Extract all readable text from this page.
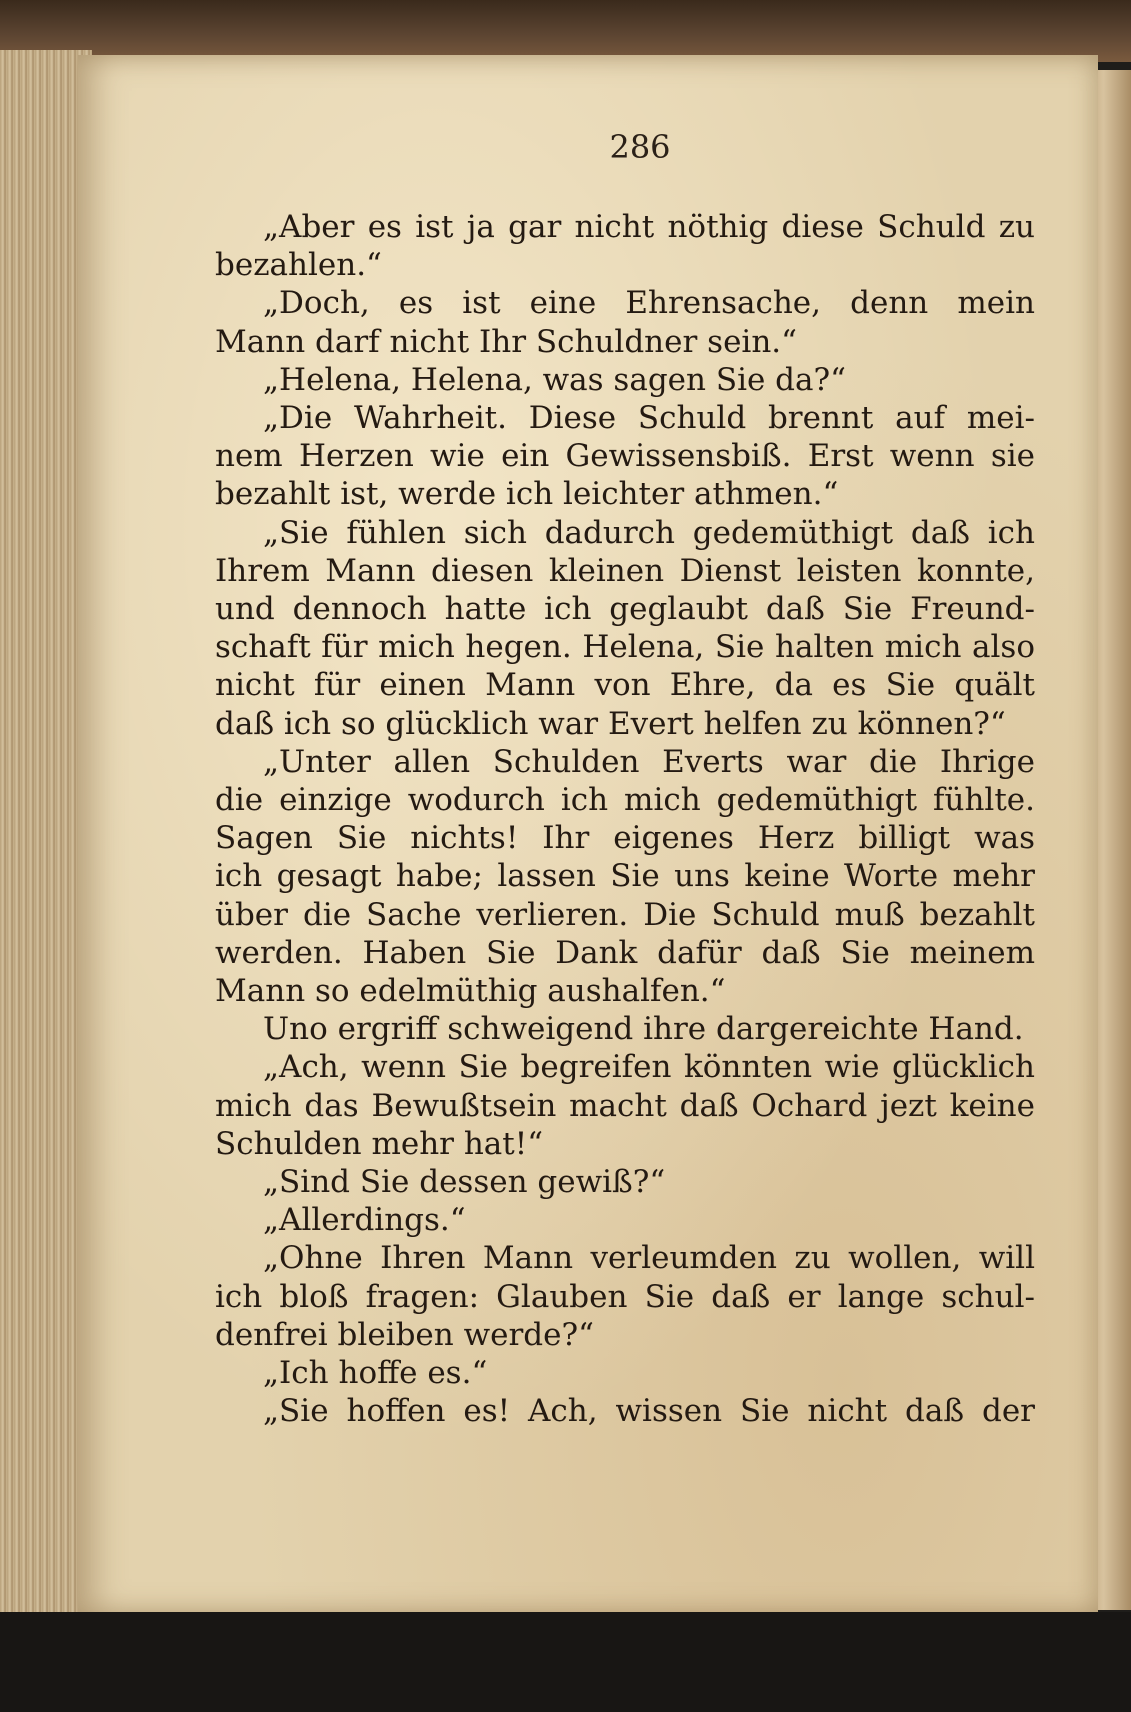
286
„Aber es ist ja gar nicht nöthig diese Schuld zu
bezahlen.“
„Doch, es ist eine Ehrensache, denn mein
Mann darf nicht Ihr Schuldner sein.“
„Helena, Helena, was sagen Sie da?“
„Die Wahrheit. Diese Schuld brennt auf mei-
nem Herzen wie ein Gewissensbiß. Erst wenn sie
bezahlt ist, werde ich leichter athmen.“
„Sie fühlen sich dadurch gedemüthigt daß ich
Ihrem Mann diesen kleinen Dienst leisten konnte,
und dennoch hatte ich geglaubt daß Sie Freund-
schaft für mich hegen. Helena, Sie halten mich also
nicht für einen Mann von Ehre, da es Sie quält
daß ich so glücklich war Evert helfen zu können?“
„Unter allen Schulden Everts war die Ihrige
die einzige wodurch ich mich gedemüthigt fühlte.
Sagen Sie nichts! Ihr eigenes Herz billigt was
ich gesagt habe; lassen Sie uns keine Worte mehr
über die Sache verlieren. Die Schuld muß bezahlt
werden. Haben Sie Dank dafür daß Sie meinem
Mann so edelmüthig aushalfen.“
Uno ergriff schweigend ihre dargereichte Hand.
„Ach, wenn Sie begreifen könnten wie glücklich
mich das Bewußtsein macht daß Ochard jezt keine
Schulden mehr hat!“
„Sind Sie dessen gewiß?“
„Allerdings.“
„Ohne Ihren Mann verleumden zu wollen, will
ich bloß fragen: Glauben Sie daß er lange schul-
denfrei bleiben werde?“
„Ich hoffe es.“
„Sie hoffen es! Ach, wissen Sie nicht daß der
